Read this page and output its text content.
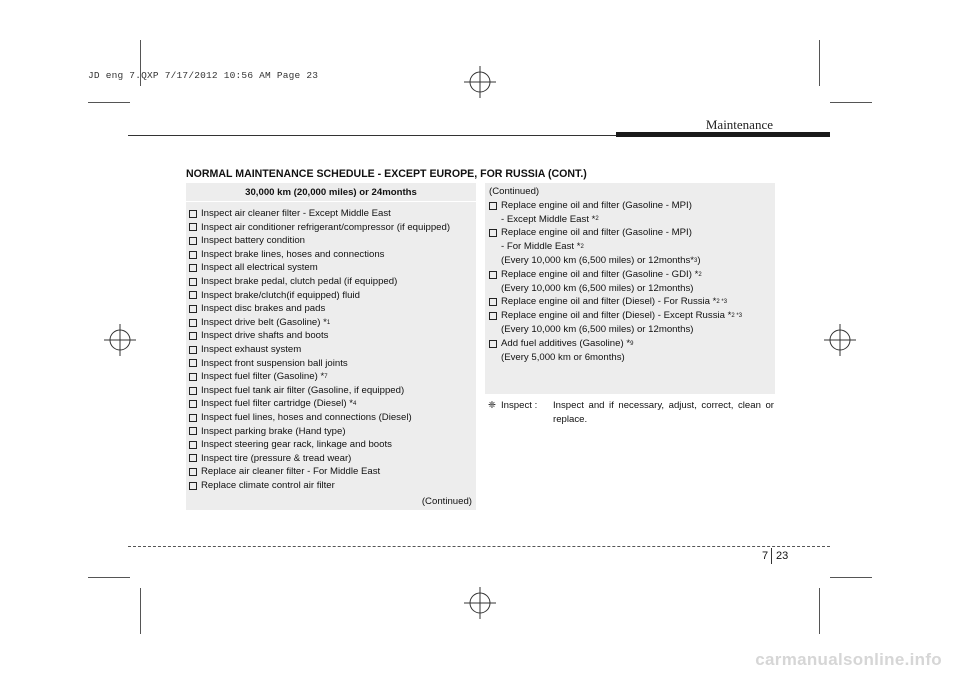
JD eng 7.QXP 7/17/2012 10:56 AM Page 23
Maintenance
NORMAL MAINTENANCE SCHEDULE - EXCEPT EUROPE, FOR RUSSIA (CONT.)
30,000 km (20,000 miles) or 24months
Inspect air cleaner filter - Except Middle East
Inspect air conditioner refrigerant/compressor (if equipped)
Inspect battery condition
Inspect brake lines, hoses and connections
Inspect all electrical system
Inspect brake pedal, clutch pedal (if equipped)
Inspect brake/clutch(if equipped) fluid
Inspect disc brakes and pads
Inspect drive belt (Gasoline) * 1
Inspect drive shafts and boots
Inspect exhaust system
Inspect front suspension ball joints
Inspect fuel filter (Gasoline) * 7
Inspect fuel tank air filter (Gasoline, if equipped)
Inspect fuel filter cartridge (Diesel) * 4
Inspect fuel lines, hoses and connections (Diesel)
Inspect parking brake (Hand type)
Inspect steering gear rack, linkage and boots
Inspect tire (pressure & tread wear)
Replace air cleaner filter - For Middle East
Replace climate control air filter
(Continued)
(Continued)
Replace engine oil and filter (Gasoline - MPI)
- Except Middle East * 2
Replace engine oil and filter (Gasoline - MPI)
- For Middle East * 2
(Every 10,000 km (6,500 miles) or 12months* 3 )
Replace engine oil and filter (Gasoline - GDI) * 2
(Every 10,000 km (6,500 miles) or 12months)
Replace engine oil and filter (Diesel) - For Russia * 2 *3
Replace engine oil and filter (Diesel) - Except Russia * 2 *3
(Every 10,000 km (6,500 miles) or 12months)
Add fuel additives (Gasoline) * 9
(Every 5,000 km or 6months)
❈ Inspect :	Inspect and if necessary, adjust, correct, clean or replace.
7 23
carmanualsonline.info
